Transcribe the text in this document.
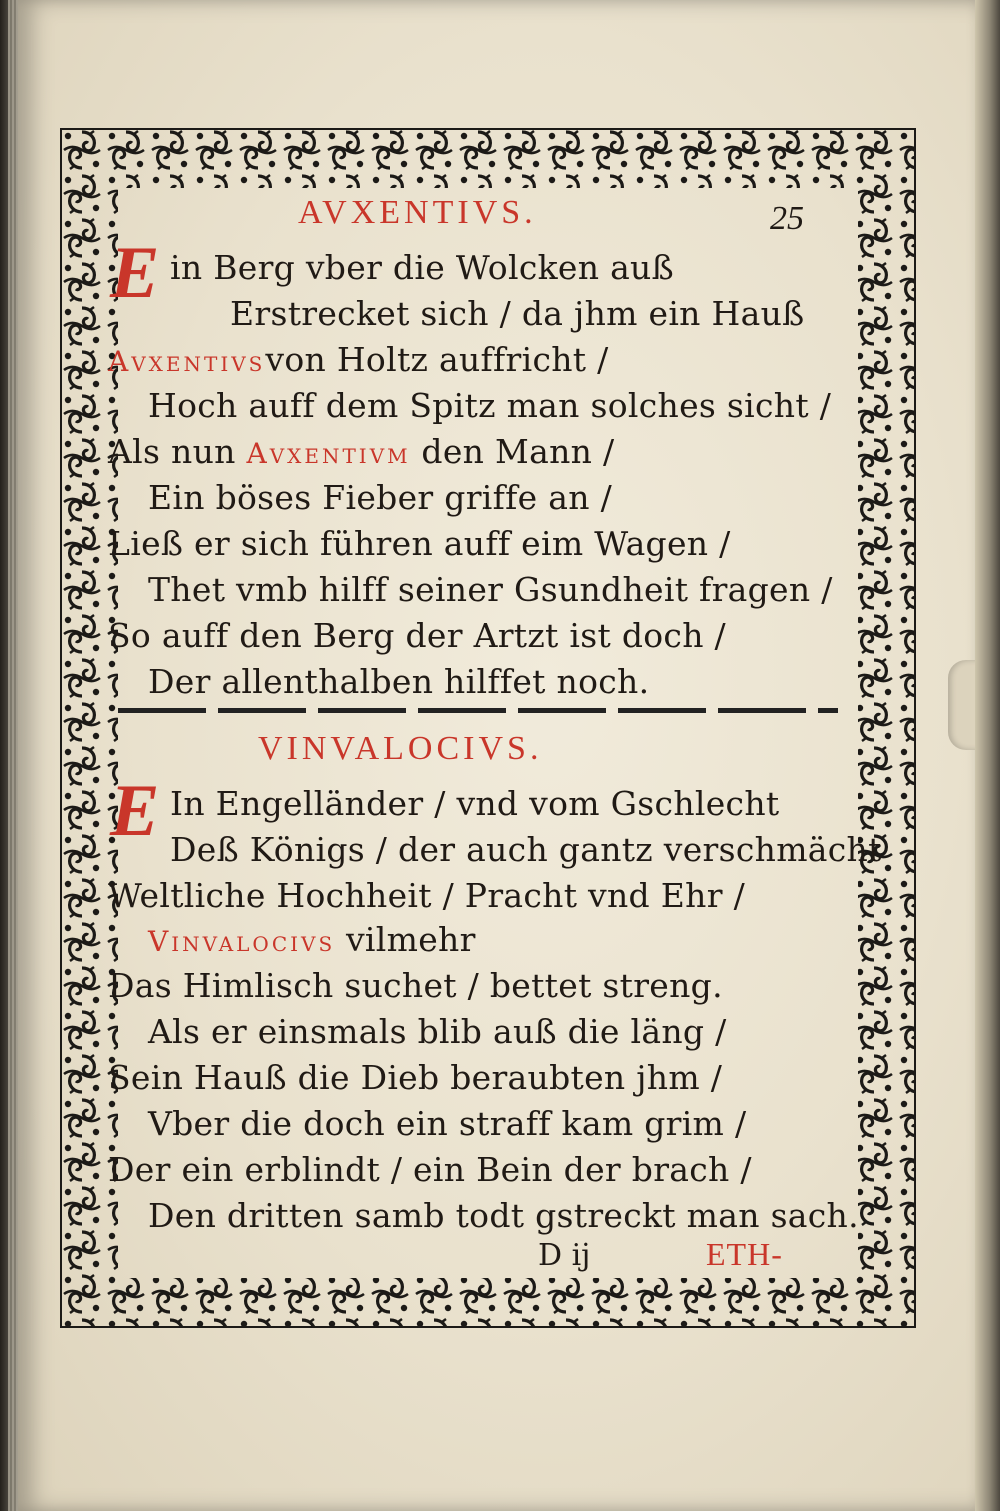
AVXENTIVS.	25
E in Berg vber die Wolcken auß
Erstrecket sich / da jhm ein Hauß
Avxentivsvon Holtz auffricht /
Hoch auff dem Spitz man solches sicht /
Als nun Avxentivm den Mann /
Ein böses Fieber griffe an /
Ließ er sich führen auff eim Wagen /
Thet vmb hilff seiner Gsundheit fragen /
So auff den Berg der Artzt ist doch /
Der allenthalben hilffet noch.
VINVALOCIVS.
E In Engelländer / vnd vom Gschlecht
Deß Königs / der auch gantz verschmächt
Weltliche Hochheit / Pracht vnd Ehr /
Vinvalocivs vilmehr
Das Himlisch suchet / bettet streng.
Als er einsmals blib auß die läng /
Sein Hauß die Dieb beraubten jhm /
Vber die doch ein straff kam grim /
Der ein erblindt / ein Bein der brach /
Den dritten samb todt gstreckt man sach.
D ij	ETH-
